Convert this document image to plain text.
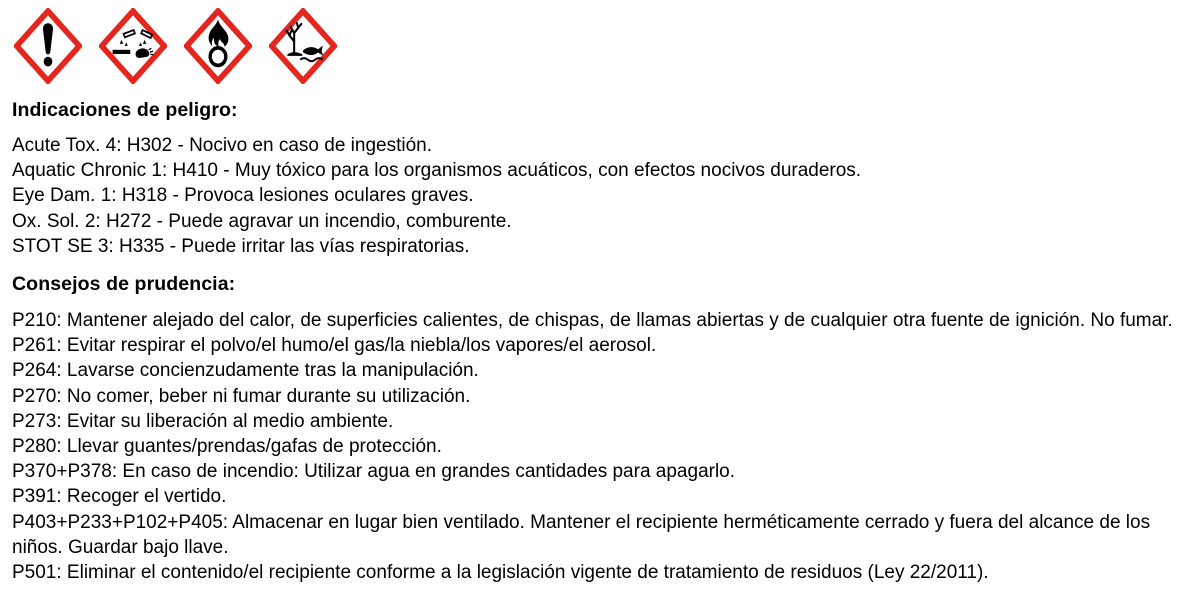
Indicaciones de peligro:
Acute Tox. 4: H302 - Nocivo en caso de ingestión.
Aquatic Chronic 1: H410 - Muy tóxico para los organismos acuáticos, con efectos nocivos duraderos.
Eye Dam. 1: H318 - Provoca lesiones oculares graves.
Ox. Sol. 2: H272 - Puede agravar un incendio, comburente.
STOT SE 3: H335 - Puede irritar las vías respiratorias.
Consejos de prudencia:
P210: Mantener alejado del calor, de superficies calientes, de chispas, de llamas abiertas y de cualquier otra fuente de ignición. No fumar.
P261: Evitar respirar el polvo/el humo/el gas/la niebla/los vapores/el aerosol.
P264: Lavarse concienzudamente tras la manipulación.
P270: No comer, beber ni fumar durante su utilización.
P273: Evitar su liberación al medio ambiente.
P280: Llevar guantes/prendas/gafas de protección.
P370+P378: En caso de incendio: Utilizar agua en grandes cantidades para apagarlo.
P391: Recoger el vertido.
P403+P233+P102+P405: Almacenar en lugar bien ventilado. Mantener el recipiente herméticamente cerrado y fuera del alcance de los niños. Guardar bajo llave.
P501: Eliminar el contenido/el recipiente conforme a la legislación vigente de tratamiento de residuos (Ley 22/2011).
